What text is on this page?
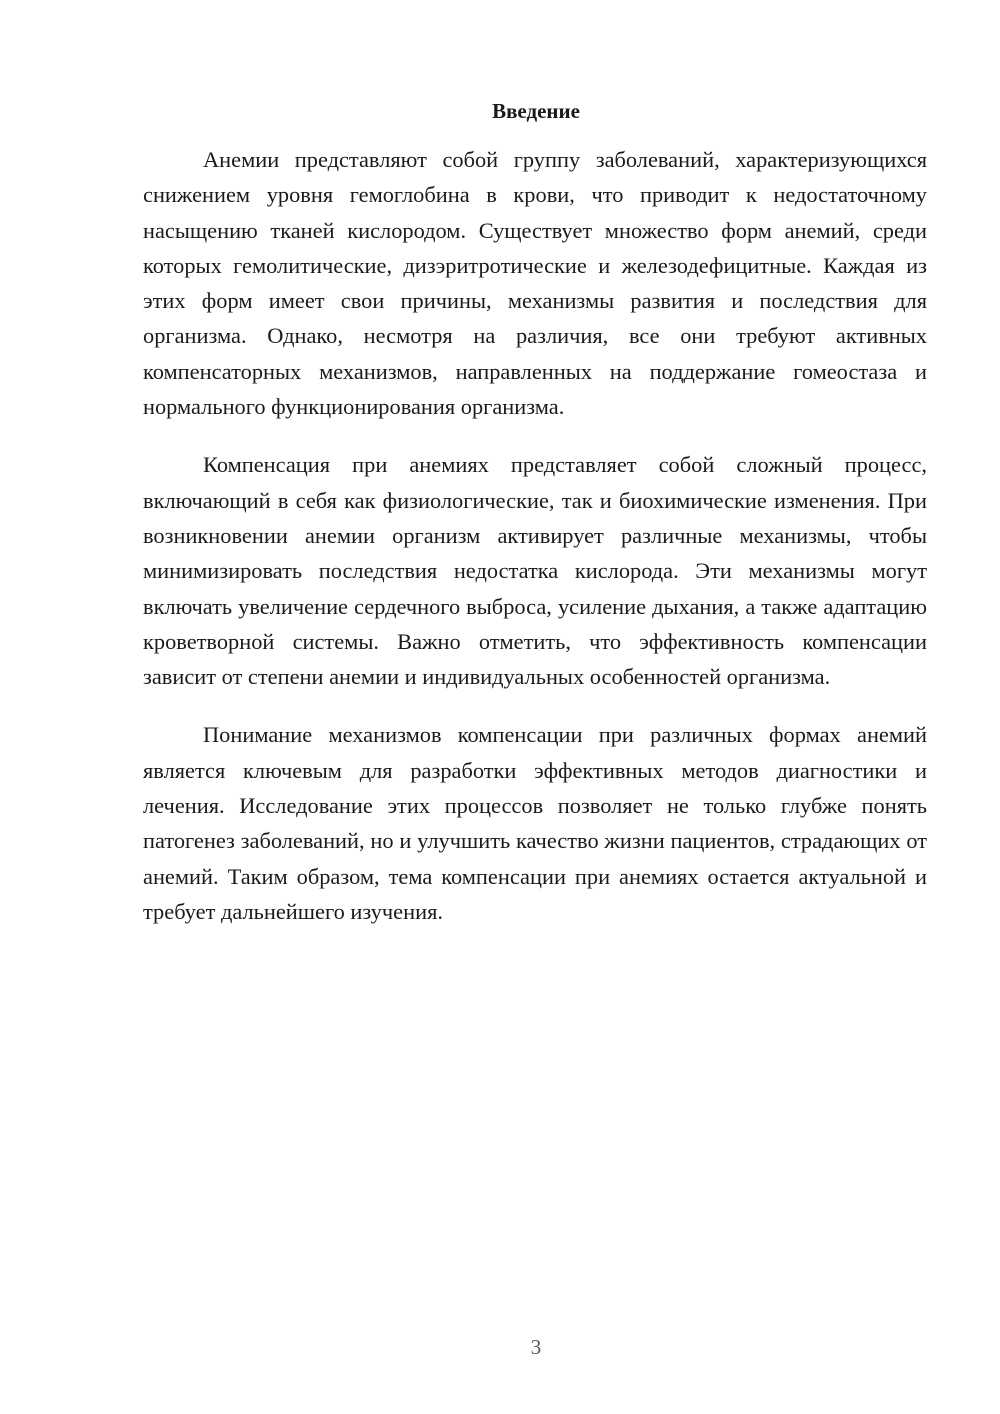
Введение

Анемии представляют собой группу заболеваний, характеризующихся снижением уровня гемоглобина в крови, что приводит к недостаточному насыщению тканей кислородом. Существует множество форм анемий, среди которых гемолитические, дизэритротические и железодефицитные. Каждая из этих форм имеет свои причины, механизмы развития и последствия для организма. Однако, несмотря на различия, все они требуют активных компенсаторных механизмов, направленных на поддержание гомеостаза и нормального функционирования организма.

Компенсация при анемиях представляет собой сложный процесс, включающий в себя как физиологические, так и биохимические изменения. При возникновении анемии организм активирует различные механизмы, чтобы минимизировать последствия недостатка кислорода. Эти механизмы могут включать увеличение сердечного выброса, усиление дыхания, а также адаптацию кроветворной системы. Важно отметить, что эффективность компенсации зависит от степени анемии и индивидуальных особенностей организма.

Понимание механизмов компенсации при различных формах анемий является ключевым для разработки эффективных методов диагностики и лечения. Исследование этих процессов позволяет не только глубже понять патогенез заболеваний, но и улучшить качество жизни пациентов, страдающих от анемий. Таким образом, тема компенсации при анемиях остается актуальной и требует дальнейшего изучения.

3
